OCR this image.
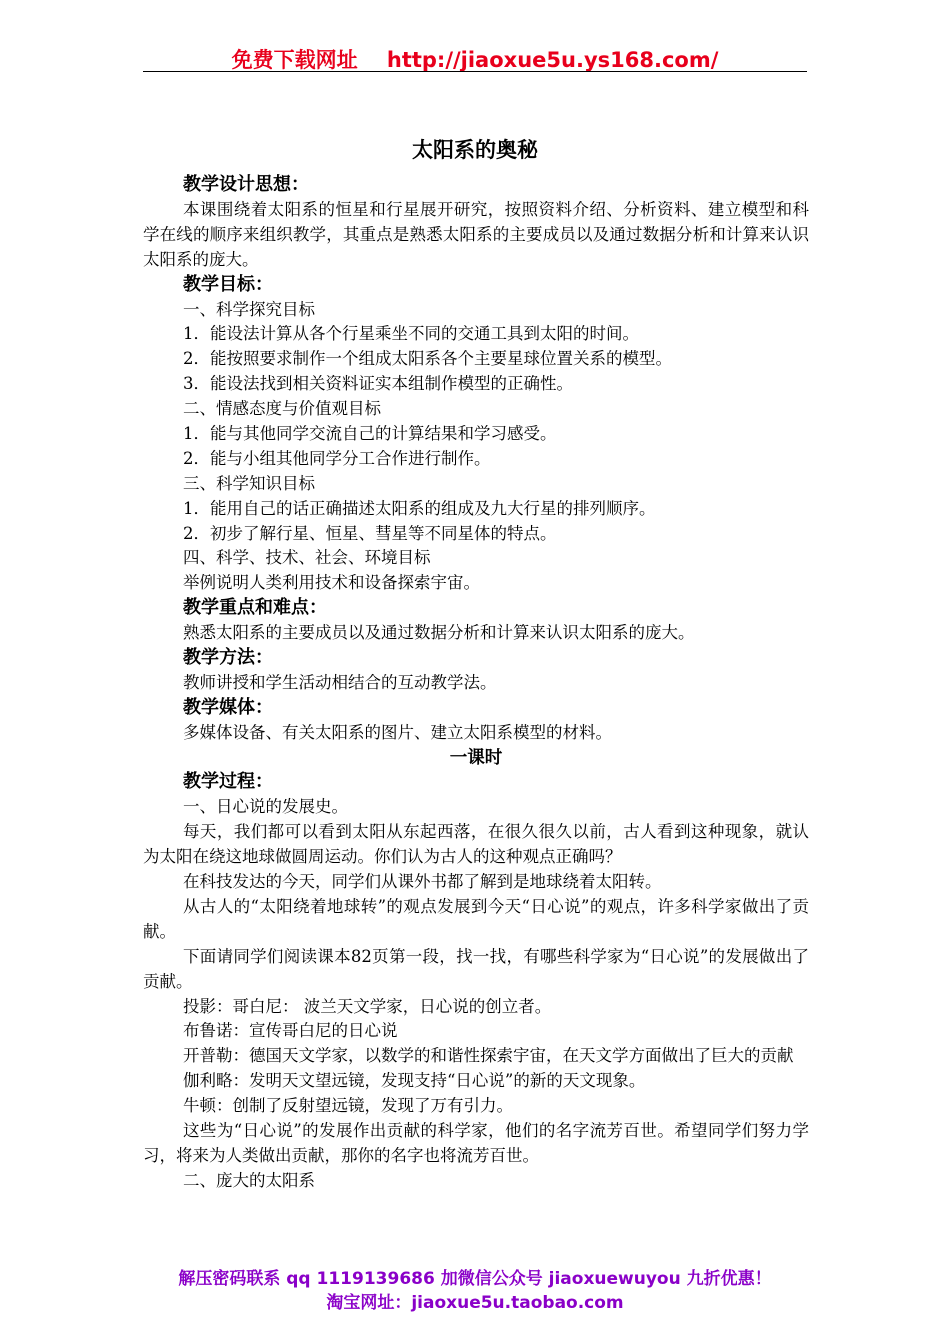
免费下载网址    http://jiaoxue5u.ys168.com/
太阳系的奥秘
教学设计思想：

本课围绕着太阳系的恒星和行星展开研究，按照资料介绍、分析资料、建立模型和科学在线的顺序来组织教学，其重点是熟悉太阳系的主要成员以及通过数据分析和计算来认识太阳系的庞大。

教学目标：
一、科学探究目标
1．能设法计算从各个行星乘坐不同的交通工具到太阳的时间。
2．能按照要求制作一个组成太阳系各个主要星球位置关系的模型。
3．能设法找到相关资料证实本组制作模型的正确性。
二、情感态度与价值观目标
1．能与其他同学交流自己的计算结果和学习感受。
2．能与小组其他同学分工合作进行制作。
三、科学知识目标
1．能用自己的话正确描述太阳系的组成及九大行星的排列顺序。
2．初步了解行星、恒星、彗星等不同星体的特点。
四、科学、技术、社会、环境目标
举例说明人类利用技术和设备探索宇宙。
教学重点和难点：
熟悉太阳系的主要成员以及通过数据分析和计算来认识太阳系的庞大。
教学方法：
教师讲授和学生活动相结合的互动教学法。
教学媒体：
多媒体设备、有关太阳系的图片、建立太阳系模型的材料。
一课时
教学过程：
一、日心说的发展史。

每天，我们都可以看到太阳从东起西落，在很久很久以前，古人看到这种现象，就认为太阳在绕这地球做圆周运动。你们认为古人的这种观点正确吗？

在科技发达的今天，同学们从课外书都了解到是地球绕着太阳转。

从古人的“太阳绕着地球转”的观点发展到今天“日心说”的观点，许多科学家做出了贡献。

下面请同学们阅读课本82页第一段，找一找，有哪些科学家为“日心说”的发展做出了贡献。

投影：哥白尼： 波兰天文学家，日心说的创立者。
布鲁诺：宣传哥白尼的日心说

开普勒：德国天文学家，以数学的和谐性探索宇宙，在天文学方面做出了巨大的贡献

伽利略：发明天文望远镜，发现支持“日心说”的新的天文现象。
牛顿：创制了反射望远镜，发现了万有引力。

这些为“日心说”的发展作出贡献的科学家，他们的名字流芳百世。希望同学们努力学习，将来为人类做出贡献，那你的名字也将流芳百世。

二、庞大的太阳系
解压密码联系 qq 1119139686 加微信公众号 jiaoxuewuyou 九折优惠！
淘宝网址：jiaoxue5u.taobao.com
